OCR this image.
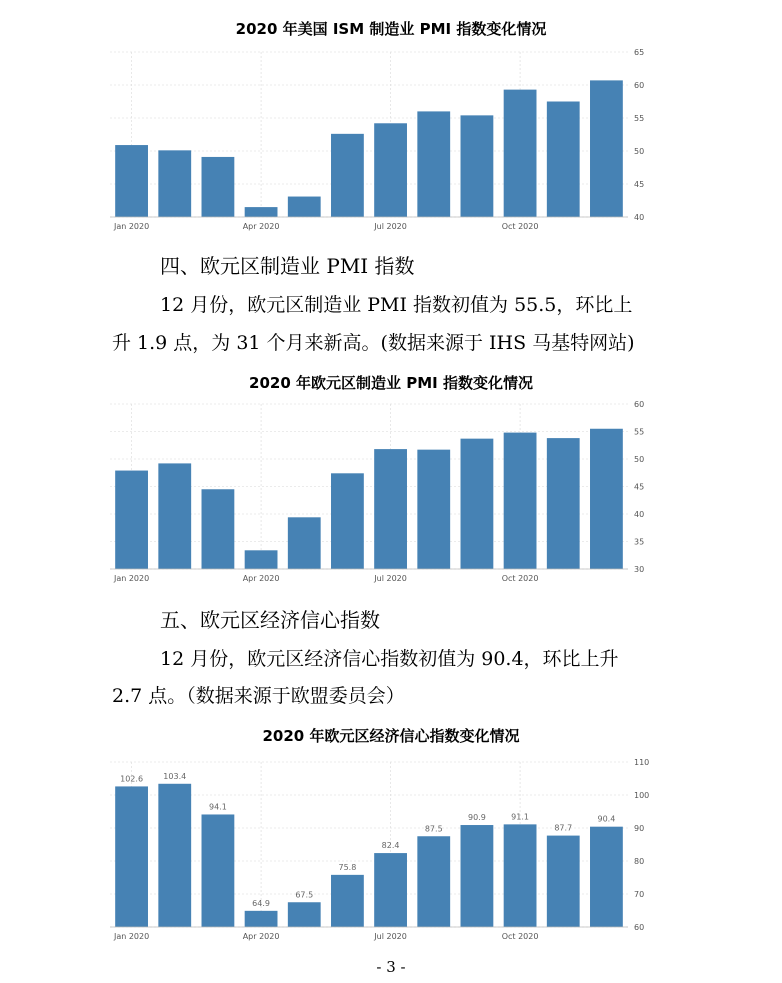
2020 年美国 ISM 制造业 PMI 指数变化情况
40
45
50
55
60
65
Jan 2020	Apr 2020	Jul 2020	Oct 2020
四、欧元区制造业 PMI 指数
12 月份，欧元区制造业 PMI 指数初值为 55.5，环比上
升 1.9 点，为 31 个月来新高。(数据来源于 IHS 马基特网站)
2020 年欧元区制造业 PMI 指数变化情况
30
35
40
45
50
55
60
Jan 2020	Apr 2020	Jul 2020	Oct 2020
五、欧元区经济信心指数
12 月份，欧元区经济信心指数初值为 90.4，环比上升
2.7 点。（数据来源于欧盟委员会）
2020 年欧元区经济信心指数变化情况
60
70
80
90
100
110
102.6	103.4
94.1
64.9
67.5
75.8
82.4
87.5
90.9	91.1
87.7
90.4
Jan 2020	Apr 2020	Jul 2020	Oct 2020
- 3 -
